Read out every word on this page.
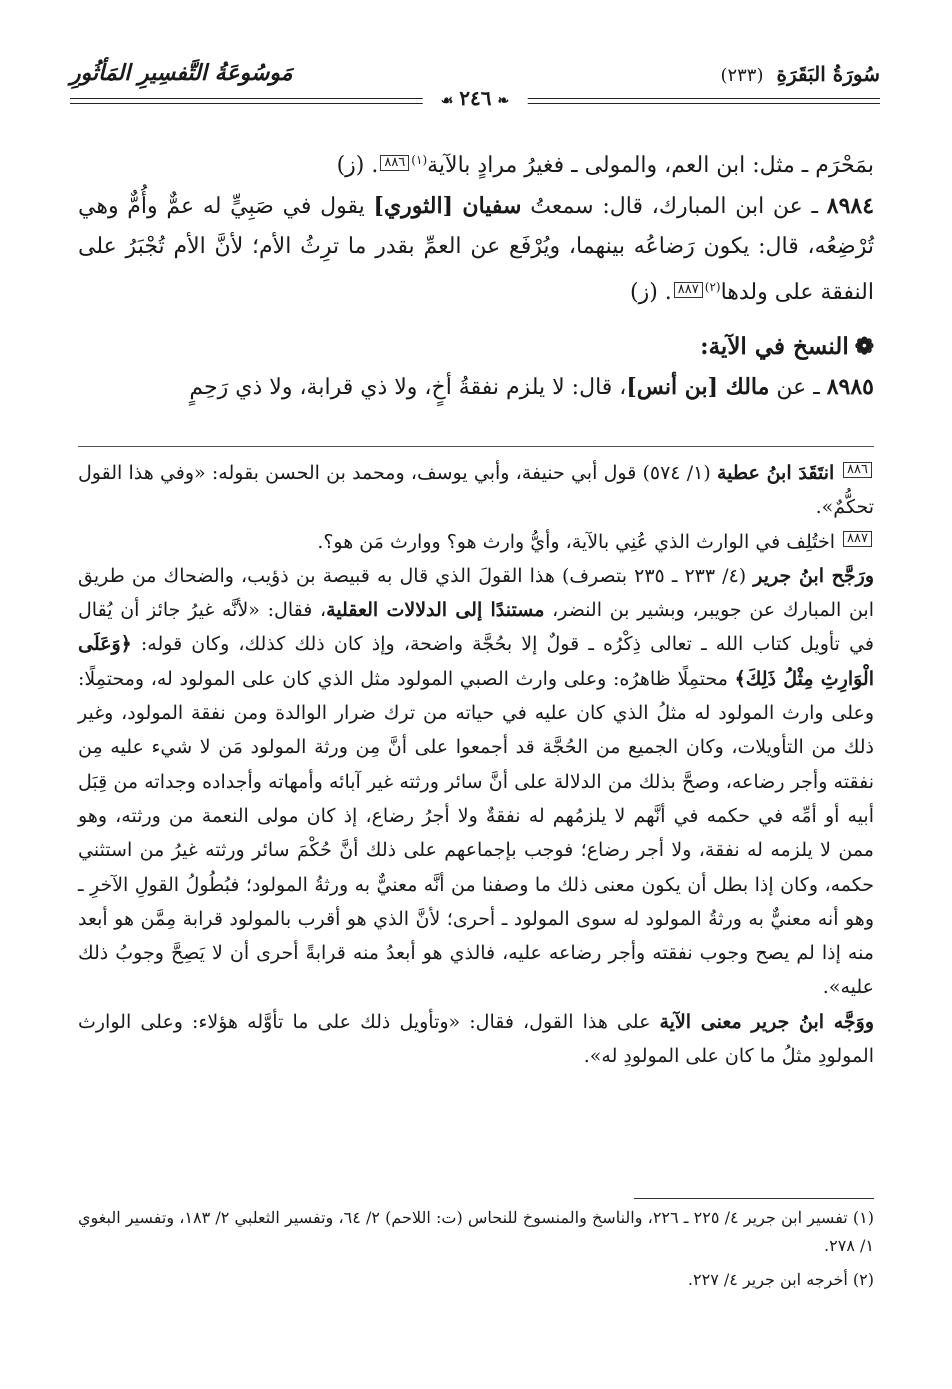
سُورَةُ البَقَرَةِ (٢٣٣)
مَوسُوعَةُ التَّفسِيرِ المَأثُورِ
❧٢٤٦☙

بمَحْرَم ـ مثل: ابن العم، والمولى ـ فغيرُ مرادٍ بالآية$^{(١)}$٨٨٦. (ز)

٨٩٨٤ ـ عن ابن المبارك، قال: سمعتُ سفيان [الثوري] يقول في صَبِيٍّ له عمٌّ وأُمٌّ وهي تُرْضِعُه، قال: يكون رَضاعُه بينهما، ويُرْفَع عن العمِّ بقدر ما ترِثُ الأم؛ لأنَّ الأم تُجْبَرُ على النفقة على ولدها$^{(٢)}$٨٨٧. (ز)

❁النسخ في الآية:

٨٩٨٥ ـ عن مالك [بن أنس]، قال: لا يلزم نفقةُ أخٍ، ولا ذي قرابة، ولا ذي رَحِمٍ

٨٨٦ انتَقَدَ ابنُ عطية (١/ ٥٧٤) قول أبي حنيفة، وأبي يوسف، ومحمد بن الحسن بقوله: «وفي هذا القول تحكُّمٌ».

٨٨٧ اختُلِف في الوارث الذي عُنِي بالآية، وأيُّ وارث هو؟ ووارث مَن هو؟.

ورَجَّح ابنُ جرير (٤/ ٢٣٣ ـ ٢٣٥ بتصرف) هذا القولَ الذي قال به قبيصة بن ذؤيب، والضحاك من طريق ابن المبارك عن جويبر، وبشير بن النضر، مستندًا إلى الدلالات العقلية، فقال: «لأنَّه غيرُ جائز أن يُقال في تأويل كتاب الله ـ تعالى ذِكْرُه ـ قولٌ إلا بحُجَّة واضحة، وإذ كان ذلك كذلك، وكان قوله: ﴿وَعَلَى الْوَارِثِ مِثْلُ ذَلِكَ﴾ محتمِلًا ظاهرُه: وعلى وارث الصبي المولود مثل الذي كان على المولود له، ومحتمِلًا: وعلى وارث المولود له مثلُ الذي كان عليه في حياته من ترك ضرار الوالدة ومن نفقة المولود، وغير ذلك من التأويلات، وكان الجميع من الحُجَّة قد أجمعوا على أنَّ مِن ورثة المولود مَن لا شيء عليه مِن نفقته وأجر رضاعه، وصحَّ بذلك من الدلالة على أنَّ سائر ورثته غير آبائه وأمهاته وأجداده وجداته من قِبَل أبيه أو أمِّه في حكمه في أنَّهم لا يلزمُهم له نفقةٌ ولا أجرُ رضاع، إذ كان مولى النعمة من ورثته، وهو ممن لا يلزمه له نفقة، ولا أجر رضاع؛ فوجب بإجماعهم على ذلك أنَّ حُكْمَ سائر ورثته غيرُ من استثني حكمه، وكان إذا بطل أن يكون معنى ذلك ما وصفنا من أنَّه معنيٌّ به ورثةُ المولود؛ فبُطُولُ القولِ الآخرِ ـ وهو أنه معنيٌّ به ورثةُ المولود له سوى المولود ـ أحرى؛ لأنَّ الذي هو أقرب بالمولود قرابة مِمَّن هو أبعد منه إذا لم يصح وجوب نفقته وأجر رضاعه عليه، فالذي هو أبعدُ منه قرابةً أحرى أن لا يَصِحَّ وجوبُ ذلك عليه».

ووَجَّه ابنُ جرير معنى الآية على هذا القول، فقال: «وتأويل ذلك على ما تأوَّله هؤلاء: وعلى الوارث المولودِ مثلُ ما كان على المولودِ له».

(١) تفسير ابن جرير ٤/ ٢٢٥ ـ ٢٢٦، والناسخ والمنسوخ للنحاس (ت: اللاحم) ٢/ ٦٤، وتفسير الثعلبي ٢/ ١٨٣، وتفسير البغوي ١/ ٢٧٨.

(٢) أخرجه ابن جرير ٤/ ٢٢٧.
